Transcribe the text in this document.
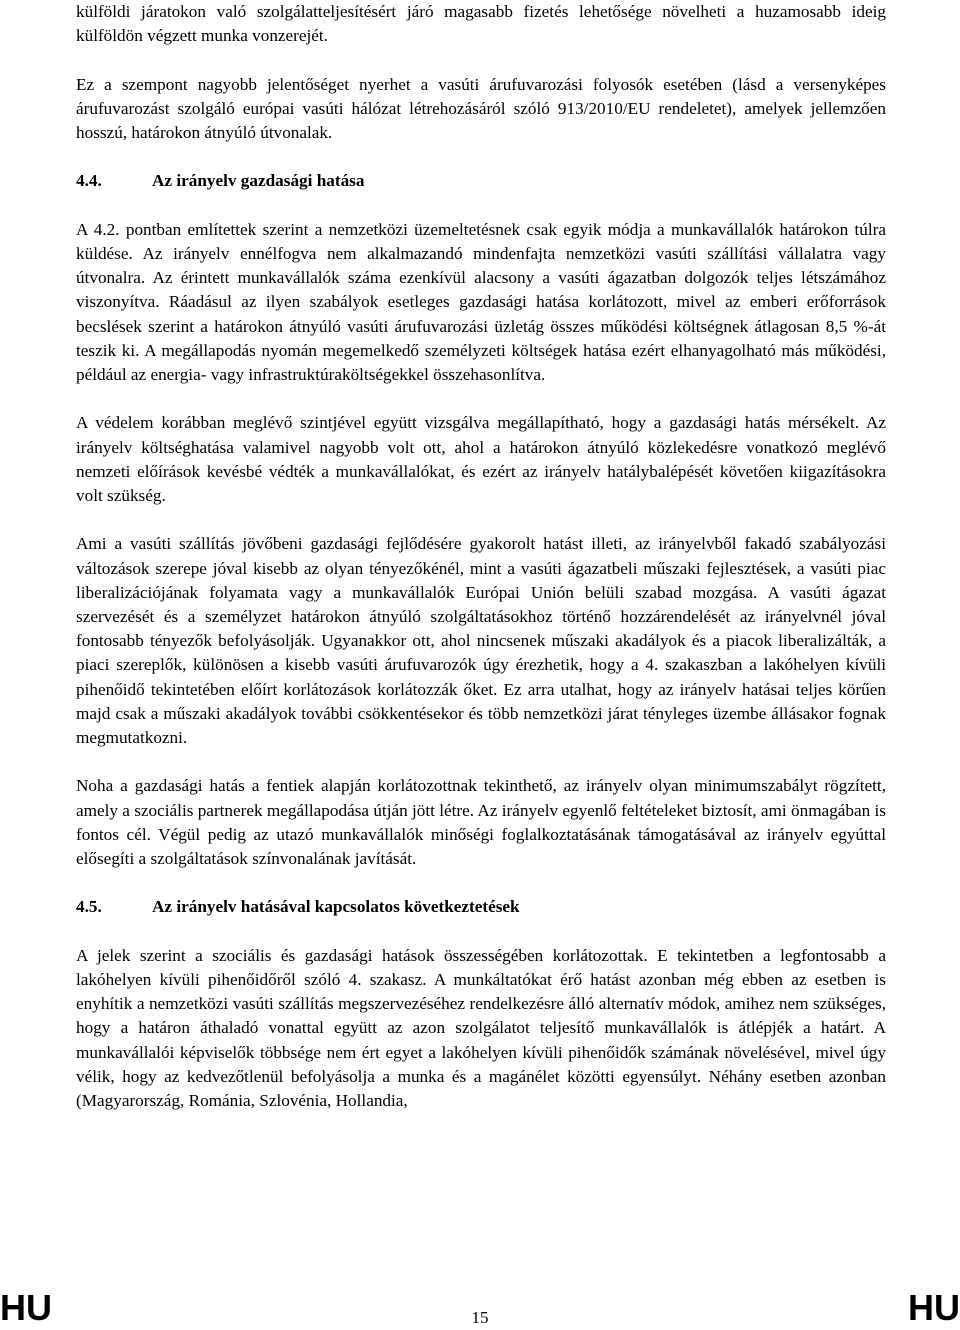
külföldi járatokon való szolgálatteljesítésért járó magasabb fizetés lehetősége növelheti a huzamosabb ideig külföldön végzett munka vonzerejét.

Ez a szempont nagyobb jelentőséget nyerhet a vasúti árufuvarozási folyosók esetében (lásd a versenyképes árufuvarozást szolgáló európai vasúti hálózat létrehozásáról szóló 913/2010/EU rendeletet), amelyek jellemzően hosszú, határokon átnyúló útvonalak.

4.4.	Az irányelv gazdasági hatása

A 4.2. pontban említettek szerint a nemzetközi üzemeltetésnek csak egyik módja a munkavállalók határokon túlra küldése. Az irányelv ennélfogva nem alkalmazandó mindenfajta nemzetközi vasúti szállítási vállalatra vagy útvonalra. Az érintett munkavállalók száma ezenkívül alacsony a vasúti ágazatban dolgozók teljes létszámához viszonyítva. Ráadásul az ilyen szabályok esetleges gazdasági hatása korlátozott, mivel az emberi erőforrások becslések szerint a határokon átnyúló vasúti árufuvarozási üzletág összes működési költségnek átlagosan 8,5 %-át teszik ki. A megállapodás nyomán megemelkedő személyzeti költségek hatása ezért elhanyagolható más működési, például az energia- vagy infrastruktúraköltségekkel összehasonlítva.

A védelem korábban meglévő szintjével együtt vizsgálva megállapítható, hogy a gazdasági hatás mérsékelt. Az irányelv költséghatása valamivel nagyobb volt ott, ahol a határokon átnyúló közlekedésre vonatkozó meglévő nemzeti előírások kevésbé védték a munkavállalókat, és ezért az irányelv hatálybalépését követően kiigazításokra volt szükség.

Ami a vasúti szállítás jövőbeni gazdasági fejlődésére gyakorolt hatást illeti, az irányelvből fakadó szabályozási változások szerepe jóval kisebb az olyan tényezőkénél, mint a vasúti ágazatbeli műszaki fejlesztések, a vasúti piac liberalizációjának folyamata vagy a munkavállalók Európai Unión belüli szabad mozgása. A vasúti ágazat szervezését és a személyzet határokon átnyúló szolgáltatásokhoz történő hozzárendelését az irányelvnél jóval fontosabb tényezők befolyásolják. Ugyanakkor ott, ahol nincsenek műszaki akadályok és a piacok liberalizálták, a piaci szereplők, különösen a kisebb vasúti árufuvarozók úgy érezhetik, hogy a 4. szakaszban a lakóhelyen kívüli pihenőidő tekintetében előírt korlátozások korlátozzák őket. Ez arra utalhat, hogy az irányelv hatásai teljes körűen majd csak a műszaki akadályok további csökkentésekor és több nemzetközi járat tényleges üzembe állásakor fognak megmutatkozni.

Noha a gazdasági hatás a fentiek alapján korlátozottnak tekinthető, az irányelv olyan minimumszabályt rögzített, amely a szociális partnerek megállapodása útján jött létre. Az irányelv egyenlő feltételeket biztosít, ami önmagában is fontos cél. Végül pedig az utazó munkavállalók minőségi foglalkoztatásának támogatásával az irányelv egyúttal elősegíti a szolgáltatások színvonalának javítását.

4.5.	Az irányelv hatásával kapcsolatos következtetések

A jelek szerint a szociális és gazdasági hatások összességében korlátozottak. E tekintetben a legfontosabb a lakóhelyen kívüli pihenőidőről szóló 4. szakasz. A munkáltatókat érő hatást azonban még ebben az esetben is enyhítik a nemzetközi vasúti szállítás megszervezéséhez rendelkezésre álló alternatív módok, amihez nem szükséges, hogy a határon áthaladó vonattal együtt az azon szolgálatot teljesítő munkavállalók is átlépjék a határt. A munkavállalói képviselők többsége nem ért egyet a lakóhelyen kívüli pihenőidők számának növelésével, mivel úgy vélik, hogy az kedvezőtlenül befolyásolja a munka és a magánélet közötti egyensúlyt. Néhány esetben azonban (Magyarország, Románia, Szlovénia, Hollandia,

HU	15	HU
